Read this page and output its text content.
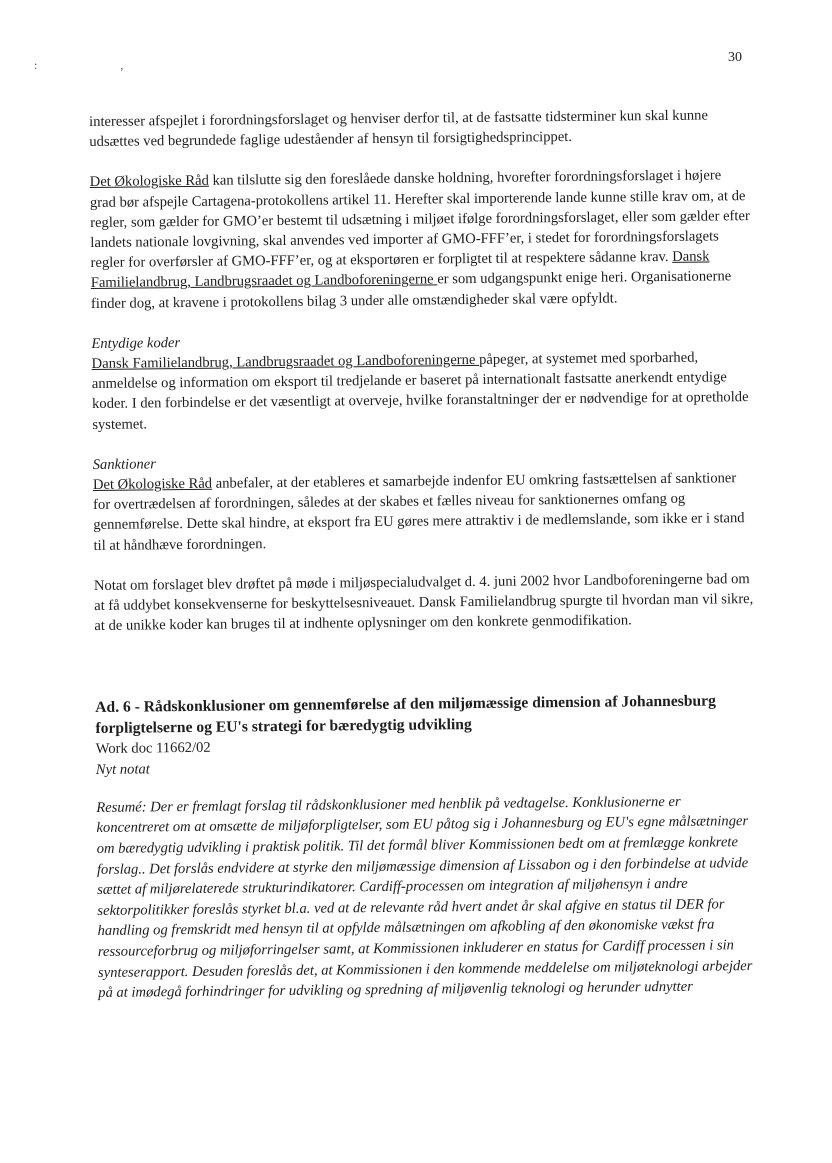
30
: ,

interesser afspejlet i forordningsforslaget og henviser derfor til, at de fastsatte tidsterminer kun skal kunne udsættes ved begrundede faglige udeståender af hensyn til forsigtighedsprincippet.

Det Økologiske Råd kan tilslutte sig den foreslåede danske holdning, hvorefter forordningsforslaget i højere grad bør afspejle Cartagena-protokollens artikel 11. Herefter skal importerende lande kunne stille krav om, at de regler, som gælder for GMO’er bestemt til udsætning i miljøet ifølge forordningsforslaget, eller som gælder efter landets nationale lovgivning, skal anvendes ved importer af GMO-FFF’er, i stedet for forordningsforslagets regler for overførsler af GMO-FFF’er, og at eksportøren er forpligtet til at respektere sådanne krav. Dansk Familielandbrug, Landbrugsraadet og Landboforeningerne er som udgangspunkt enige heri. Organisationerne finder dog, at kravene i protokollens bilag 3 under alle omstændigheder skal være opfyldt.

Entydige koder

Dansk Familielandbrug, Landbrugsraadet og Landboforeningerne påpeger, at systemet med sporbarhed, anmeldelse og information om eksport til tredjelande er baseret på internationalt fastsatte anerkendt entydige koder. I den forbindelse er det væsentligt at overveje, hvilke foranstaltninger der er nødvendige for at opretholde systemet.

Sanktioner

Det Økologiske Råd anbefaler, at der etableres et samarbejde indenfor EU omkring fastsættelsen af sanktioner for overtrædelsen af forordningen, således at der skabes et fælles niveau for sanktionernes omfang og gennemførelse. Dette skal hindre, at eksport fra EU gøres mere attraktiv i de medlemslande, som ikke er i stand til at håndhæve forordningen.

Notat om forslaget blev drøftet på møde i miljøspecialudvalget d. 4. juni 2002 hvor Landboforeningerne bad om at få uddybet konsekvenserne for beskyttelsesniveauet. Dansk Familielandbrug spurgte til hvordan man vil sikre, at de unikke koder kan bruges til at indhente oplysninger om den konkrete genmodifikation.

Ad. 6 - Rådskonklusioner om gennemførelse af den miljømæssige dimension af Johannesburg forpligtelserne og EU's strategi for bæredygtig udvikling

Work doc 11662/02

Nyt notat

Resumé: Der er fremlagt forslag til rådskonklusioner med henblik på vedtagelse. Konklusionerne er koncentreret om at omsætte de miljøforpligtelser, som EU påtog sig i Johannesburg og EU's egne målsætninger om bæredygtig udvikling i praktisk politik. Til det formål bliver Kommissionen bedt om at fremlægge konkrete forslag.. Det forslås endvidere at styrke den miljømæssige dimension af Lissabon og i den forbindelse at udvide sættet af miljørelaterede strukturindikatorer. Cardiff-processen om integration af miljøhensyn i andre sektorpolitikker foreslås styrket bl.a. ved at de relevante råd hvert andet år skal afgive en status til DER for handling og fremskridt med hensyn til at opfylde målsætningen om afkobling af den økonomiske vækst fra ressourceforbrug og miljøforringelser samt, at Kommissionen inkluderer en status for Cardiff processen i sin synteserapport. Desuden foreslås det, at Kommissionen i den kommende meddelelse om miljøteknologi arbejder på at imødegå forhindringer for udvikling og spredning af miljøvenlig teknologi og herunder udnytter
